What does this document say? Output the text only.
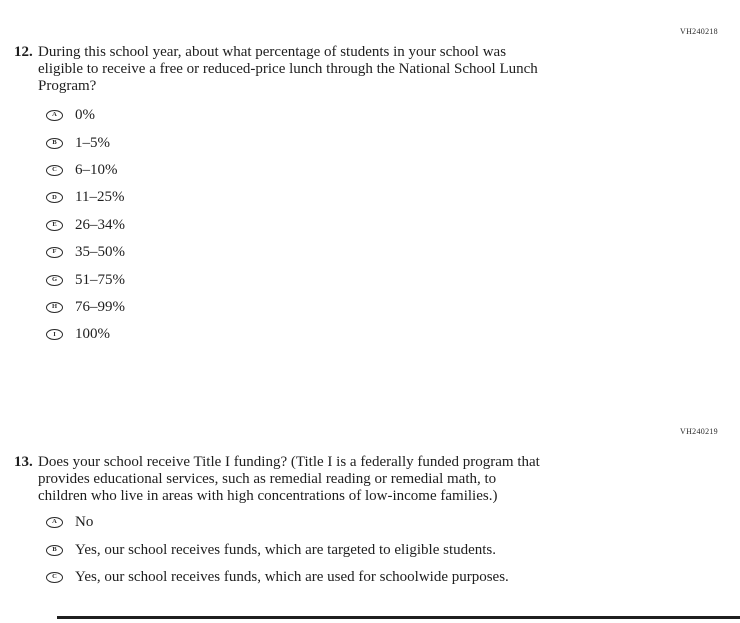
VH240218
12. During this school year, about what percentage of students in your school was
eligible to receive a free or reduced-price lunch through the National School Lunch
Program?
A 0%
B 1–5%
C 6–10%
D 11–25%
E 26–34%
F 35–50%
G 51–75%
H 76–99%
I 100%
VH240219
13. Does your school receive Title I funding? (Title I is a federally funded program that
provides educational services, such as remedial reading or remedial math, to
children who live in areas with high concentrations of low-income families.)
A No
B Yes, our school receives funds, which are targeted to eligible students.
C Yes, our school receives funds, which are used for schoolwide purposes.
